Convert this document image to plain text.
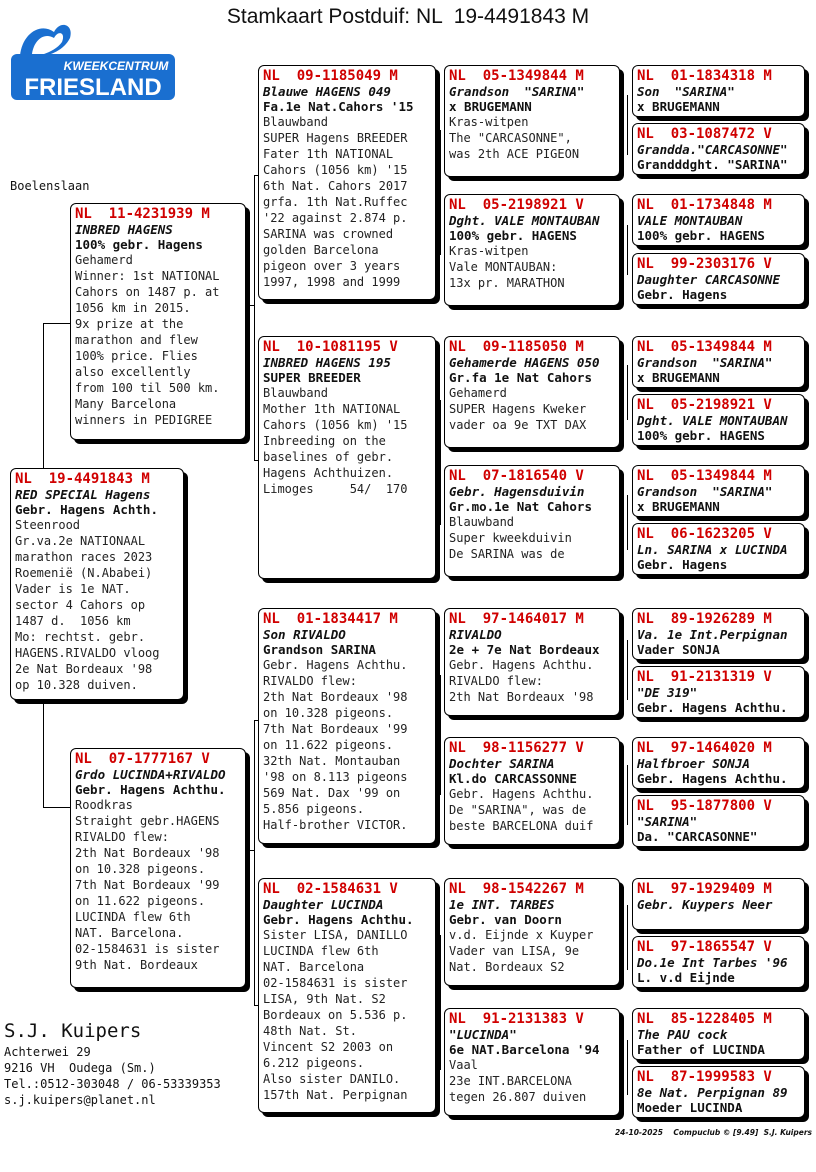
Stamkaart Postduif: NL  19-4491843 M
KWEEKCENTRUM
FRIESLAND
Boelenslaan
NL  19-4491843 M
RED SPECIAL Hagens
Gebr. Hagens Achth.
Steenrood
Gr.va.2e NATIONAAL
marathon races 2023
Roemenië (N.Ababei)
Vader is 1e NAT.
sector 4 Cahors op
1487 d.  1056 km
Mo: rechtst. gebr.
HAGENS.RIVALDO vloog
2e Nat Bordeaux '98
op 10.328 duiven.
NL  11-4231939 M
INBRED HAGENS
100% gebr. Hagens
Gehamerd
Winner: 1st NATIONAL
Cahors on 1487 p. at
1056 km in 2015.
9x prize at the
marathon and flew
100% price. Flies
also excellently
from 100 til 500 km.
Many Barcelona
winners in PEDIGREE
NL  07-1777167 V
Grdo LUCINDA+RIVALDO
Gebr. Hagens Achthu.
Roodkras
Straight gebr.HAGENS
RIVALDO flew:
2th Nat Bordeaux '98
on 10.328 pigeons.
7th Nat Bordeaux '99
on 11.622 pigeons.
LUCINDA flew 6th
NAT. Barcelona.
02-1584631 is sister
9th Nat. Bordeaux
NL  09-1185049 M
Blauwe HAGENS 049
Fa.1e Nat.Cahors '15
Blauwband
SUPER Hagens BREEDER
Fater 1th NATIONAL
Cahors (1056 km) '15
6th Nat. Cahors 2017
grfa. 1th Nat.Ruffec
'22 against 2.874 p.
SARINA was crowned
golden Barcelona
pigeon over 3 years
1997, 1998 and 1999
NL  10-1081195 V
INBRED HAGENS 195
SUPER BREEDER
Blauwband
Mother 1th NATIONAL
Cahors (1056 km) '15
Inbreeding on the
baselines of gebr.
Hagens Achthuizen.
Limoges     54/  170
NL  01-1834417 M
Son RIVALDO
Grandson SARINA
Gebr. Hagens Achthu.
RIVALDO flew:
2th Nat Bordeaux '98
on 10.328 pigeons.
7th Nat Bordeaux '99
on 11.622 pigeons.
32th Nat. Montauban
'98 on 8.113 pigeons
569 Nat. Dax '99 on
5.856 pigeons.
Half-brother VICTOR.
NL  02-1584631 V
Daughter LUCINDA
Gebr. Hagens Achthu.
Sister LISA, DANILLO
LUCINDA flew 6th
NAT. Barcelona
02-1584631 is sister
LISA, 9th Nat. S2
Bordeaux on 5.536 p.
48th Nat. St.
Vincent S2 2003 on
6.212 pigeons.
Also sister DANILO.
157th Nat. Perpignan
NL  05-1349844 M
Grandson  "SARINA"
x BRUGEMANN
Kras-witpen
The "CARCASONNE",
was 2th ACE PIGEON
NL  05-2198921 V
Dght. VALE MONTAUBAN
100% gebr. HAGENS
Kras-witpen
Vale MONTAUBAN:
13x pr. MARATHON
NL  09-1185050 M
Gehamerde HAGENS 050
Gr.fa 1e Nat Cahors
Gehamerd
SUPER Hagens Kweker
vader oa 9e TXT DAX
NL  07-1816540 V
Gebr. Hagensduivin
Gr.mo.1e Nat Cahors
Blauwband
Super kweekduivin
De SARINA was de
NL  97-1464017 M
RIVALDO
2e + 7e Nat Bordeaux
Gebr. Hagens Achthu.
RIVALDO flew:
2th Nat Bordeaux '98
NL  98-1156277 V
Dochter SARINA
Kl.do CARCASSONNE
Gebr. Hagens Achthu.
De "SARINA", was de
beste BARCELONA duif
NL  98-1542267 M
1e INT. TARBES
Gebr. van Doorn
v.d. Eijnde x Kuyper
Vader van LISA, 9e
Nat. Bordeaux S2
NL  91-2131383 V
"LUCINDA"
6e NAT.Barcelona '94
Vaal
23e INT.BARCELONA
tegen 26.807 duiven
NL  01-1834318 M
Son  "SARINA"
x BRUGEMANN
NL  03-1087472 V
Grandda."CARCASONNE"
Grandddght. "SARINA"
NL  01-1734848 M
VALE MONTAUBAN
100% gebr. HAGENS
NL  99-2303176 V
Daughter CARCASONNE
Gebr. Hagens
NL  05-1349844 M
Grandson  "SARINA"
x BRUGEMANN
NL  05-2198921 V
Dght. VALE MONTAUBAN
100% gebr. HAGENS
NL  05-1349844 M
Grandson  "SARINA"
x BRUGEMANN
NL  06-1623205 V
Ln. SARINA x LUCINDA
Gebr. Hagens
NL  89-1926289 M
Va. 1e Int.Perpignan
Vader SONJA
NL  91-2131319 V
"DE 319"
Gebr. Hagens Achthu.
NL  97-1464020 M
Halfbroer SONJA
Gebr. Hagens Achthu.
NL  95-1877800 V
"SARINA"
Da. "CARCASONNE"
NL  97-1929409 M
Gebr. Kuypers Neer
NL  97-1865547 V
Do.1e Int Tarbes '96
L. v.d Eijnde
NL  85-1228405 M
The PAU cock
Father of LUCINDA
NL  87-1999583 V
8e Nat. Perpignan 89
Moeder LUCINDA
S.J. Kuipers
Achterwei 29
9216 VH  Oudega (Sm.)
Tel.:0512-303048 / 06-53339353
s.j.kuipers@planet.nl
24-10-2025    Compuclub © [9.49]  S.J. Kuipers
